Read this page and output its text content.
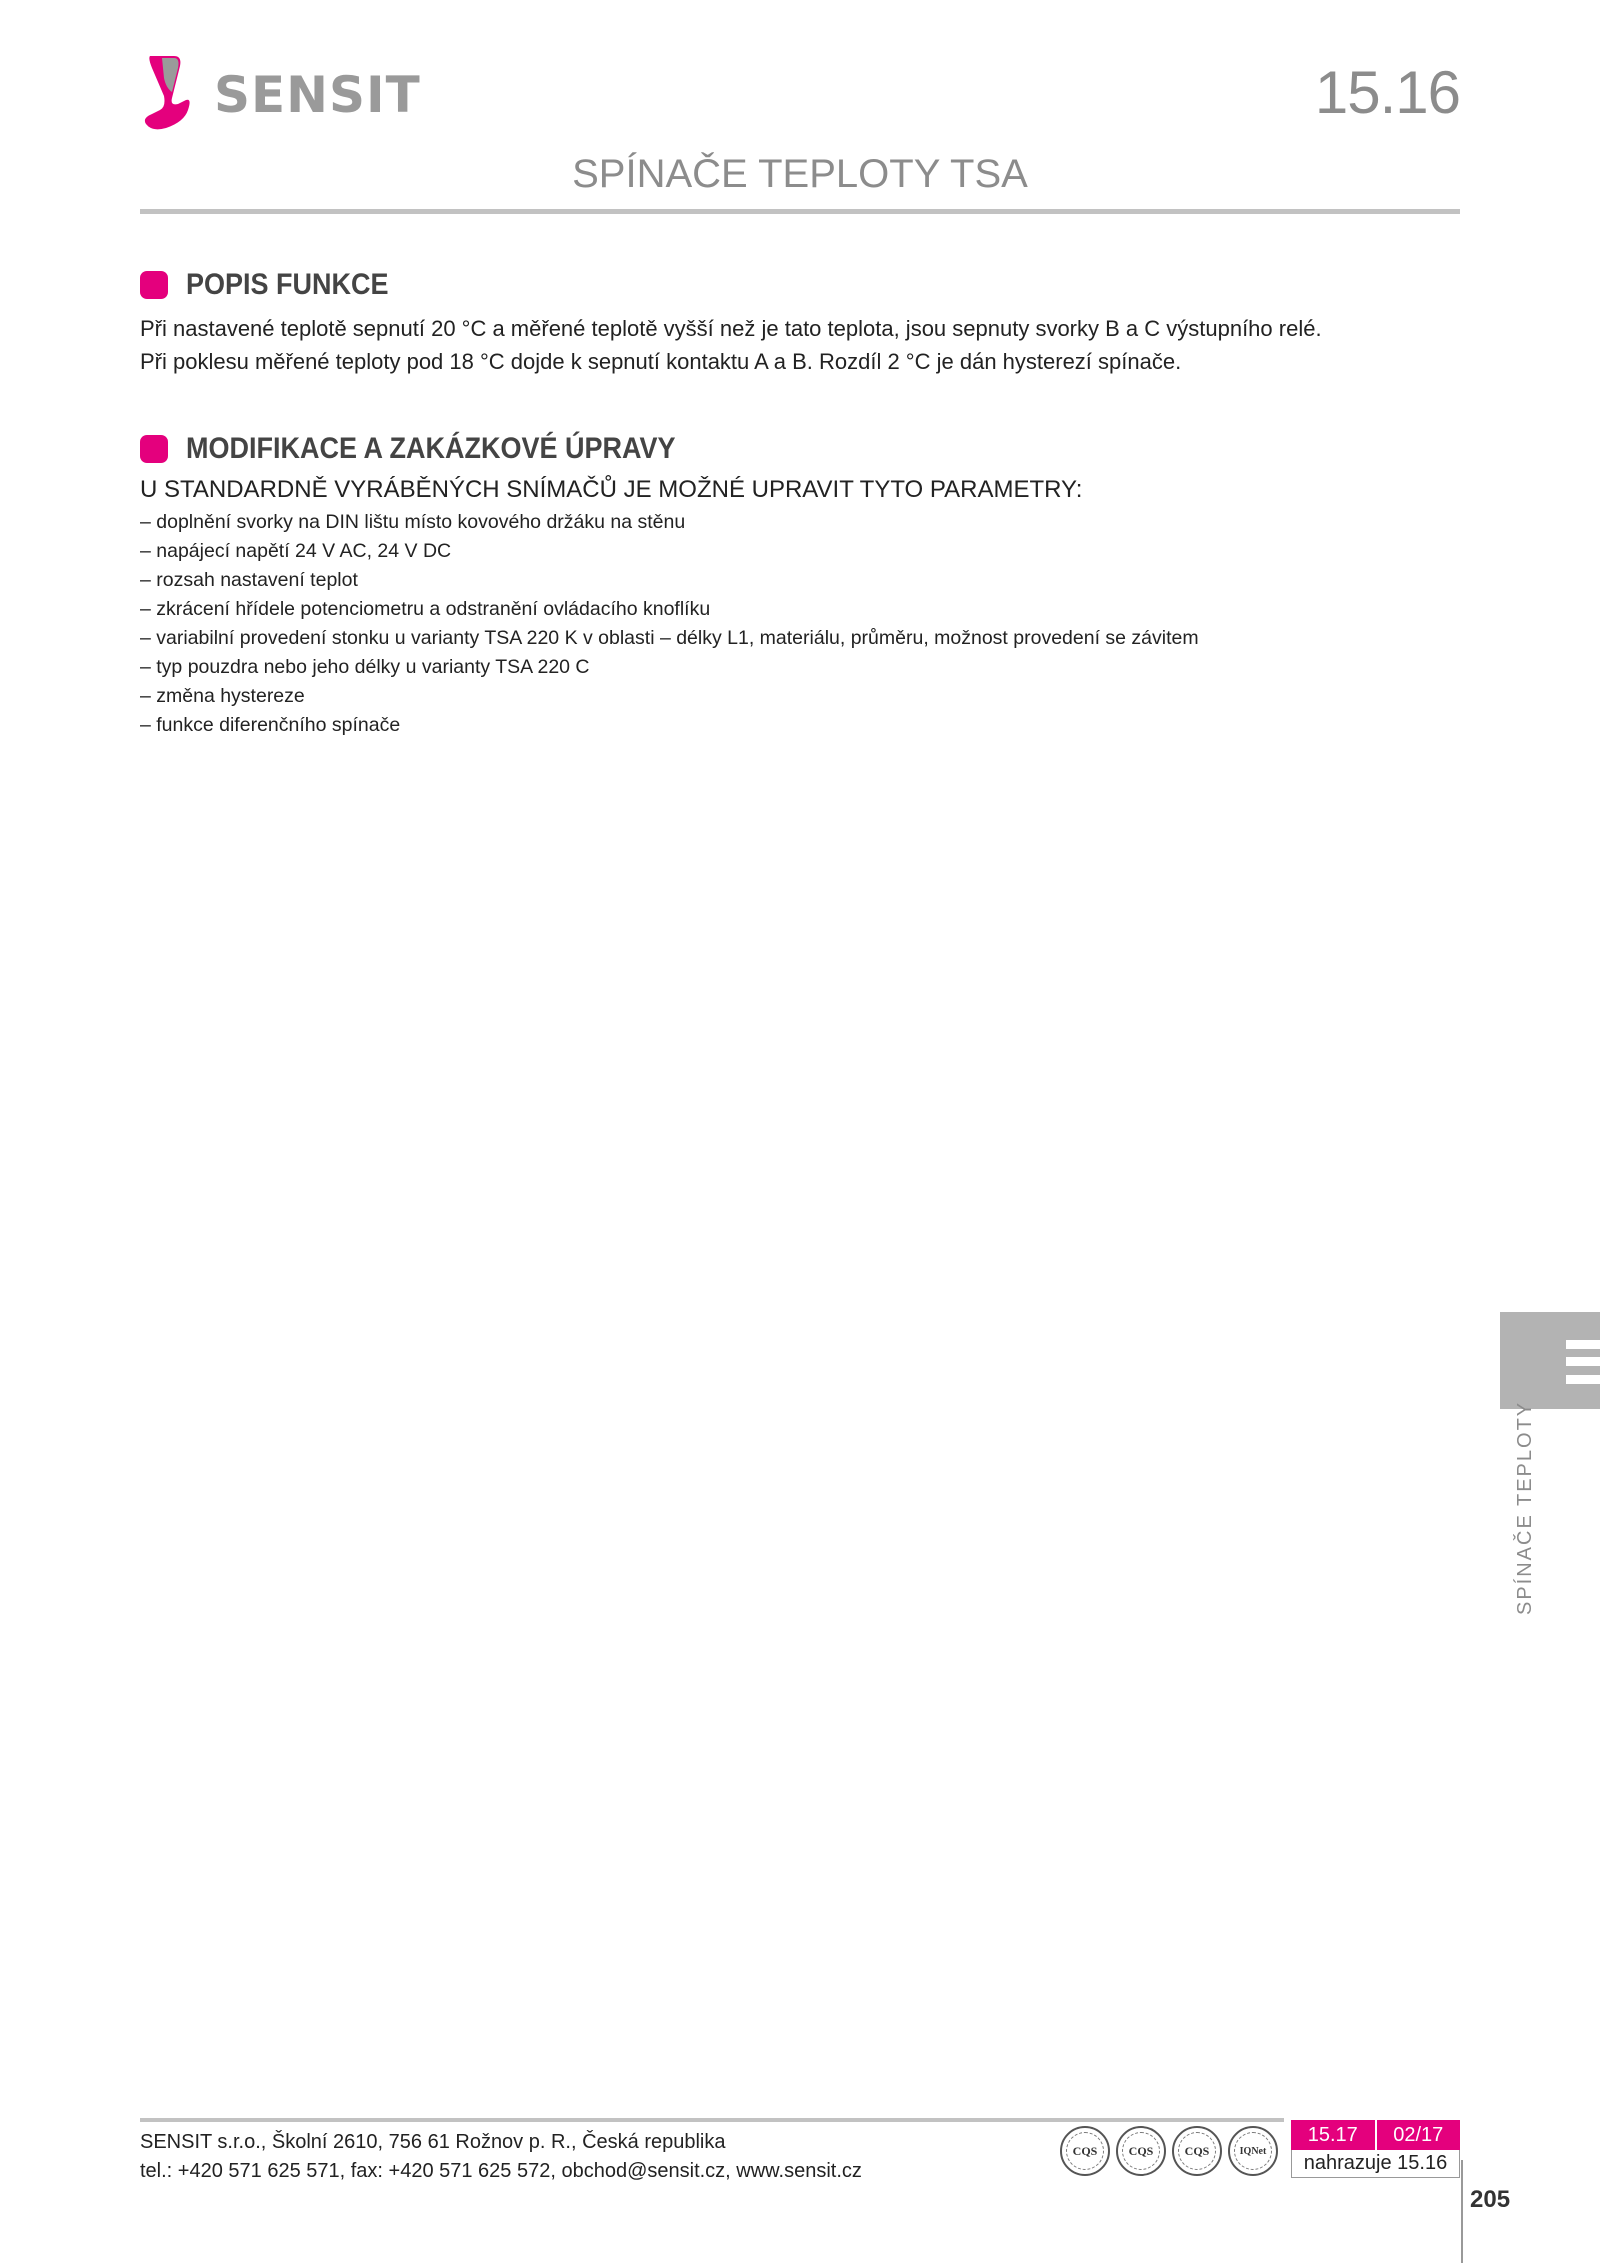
SENSIT	15.16
SPÍNAČE TEPLOTY TSA
POPIS FUNKCE

Při nastavené teplotě sepnutí 20 °C a měřené teplotě vyšší než je tato teplota, jsou sepnuty svorky B a C výstupního relé.

Při poklesu měřené teploty pod 18 °C dojde k sepnutí kontaktu A a B. Rozdíl 2 °C je dán hysterezí spínače.

MODIFIKACE A ZAKÁZKOVÉ ÚPRAVY
U STANDARDNĚ VYRÁBĚNÝCH SNÍMAČŮ JE MOŽNÉ UPRAVIT TYTO PARAMETRY:
– doplnění svorky na DIN lištu místo kovového držáku na stěnu
– napájecí napětí 24 V AC, 24 V DC
– rozsah nastavení teplot
– zkrácení hřídele potenciometru a odstranění ovládacího knoflíku
– variabilní provedení stonku u varianty TSA 220 K v oblasti – délky L1, materiálu, průměru, možnost provedení se závitem
– typ pouzdra nebo jeho délky u varianty TSA 220 C
– změna hystereze
– funkce diferenčního spínače
SPÍNAČE TEPLOTY
SENSIT s.r.o., Školní 2610, 756 61 Rožnov p. R., Česká republika
tel.: +420 571 625 571, fax: +420 571 625 572, obchod@sensit.cz, www.sensit.cz
CQS	CQS	CQS	IQNet
15.17	02/17
nahrazuje 15.16
205
